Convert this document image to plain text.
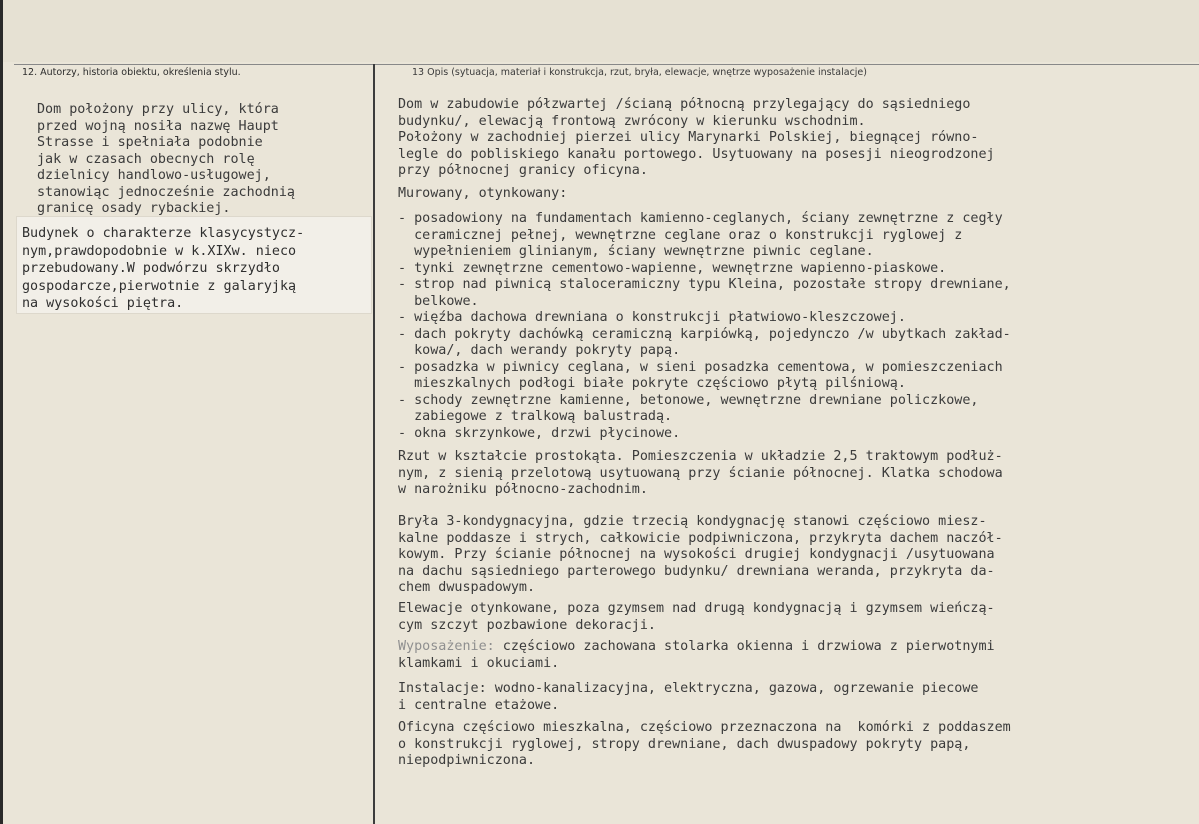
12. Autorzy, historia obiektu, określenia stylu.	13 Opis (sytuacja, materiał i konstrukcja, rzut, bryła, elewacje, wnętrze wyposażenie instalacje)
Dom położony przy ulicy, która
przed wojną nosiła nazwę Haupt
Strasse i spełniała podobnie
jak w czasach obecnych rolę
dzielnicy handlowo-usługowej,
stanowiąc jednocześnie zachodnią
granicę osady rybackiej.
Budynek o charakterze klasycystycz-
nym,prawdopodobnie w k.XIXw. nieco
przebudowany.W podwórzu skrzydło
gospodarcze,pierwotnie z galaryjką
na wysokości piętra.
Dom w zabudowie półzwartej /ścianą północną przylegający do sąsiedniego
budynku/, elewacją frontową zwrócony w kierunku wschodnim.
Położony w zachodniej pierzei ulicy Marynarki Polskiej, biegnącej równo-
legle do pobliskiego kanału portowego. Usytuowany na posesji nieogrodzonej
przy północnej granicy oficyna.
Murowany, otynkowany:
- posadowiony na fundamentach kamienno-ceglanych, ściany zewnętrzne z cegły
ceramicznej pełnej, wewnętrzne ceglane oraz o konstrukcji ryglowej z
wypełnieniem glinianym, ściany wewnętrzne piwnic ceglane.
- tynki zewnętrzne cementowo-wapienne, wewnętrzne wapienno-piaskowe.
- strop nad piwnicą staloceramiczny typu Kleina, pozostałe stropy drewniane,
belkowe.
- więźba dachowa drewniana o konstrukcji płatwiowo-kleszczowej.
- dach pokryty dachówką ceramiczną karpiówką, pojedynczo /w ubytkach zakład-
kowa/, dach werandy pokryty papą.
- posadzka w piwnicy ceglana, w sieni posadzka cementowa, w pomieszczeniach
mieszkalnych podłogi białe pokryte częściowo płytą pilśniową.
- schody zewnętrzne kamienne, betonowe, wewnętrzne drewniane policzkowe,
zabiegowe z tralkową balustradą.
- okna skrzynkowe, drzwi płycinowe.
Rzut w kształcie prostokąta. Pomieszczenia w układzie 2,5 traktowym podłuż-
nym, z sienią przelotową usytuowaną przy ścianie północnej. Klatka schodowa
w narożniku północno-zachodnim.
Bryła 3-kondygnacyjna, gdzie trzecią kondygnację stanowi częściowo miesz-
kalne poddasze i strych, całkowicie podpiwniczona, przykryta dachem naczół-
kowym. Przy ścianie północnej na wysokości drugiej kondygnacji /usytuowana
na dachu sąsiedniego parterowego budynku/ drewniana weranda, przykryta da-
chem dwuspadowym.
Elewacje otynkowane, poza gzymsem nad drugą kondygnacją i gzymsem wieńczą-
cym szczyt pozbawione dekoracji.
Wyposażenie: częściowo zachowana stolarka okienna i drzwiowa z pierwotnymi
klamkami i okuciami.
Instalacje: wodno-kanalizacyjna, elektryczna, gazowa, ogrzewanie piecowe
i centralne etażowe.
Oficyna częściowo mieszkalna, częściowo przeznaczona na  komórki z poddaszem
o konstrukcji ryglowej, stropy drewniane, dach dwuspadowy pokryty papą,
niepodpiwniczona.
